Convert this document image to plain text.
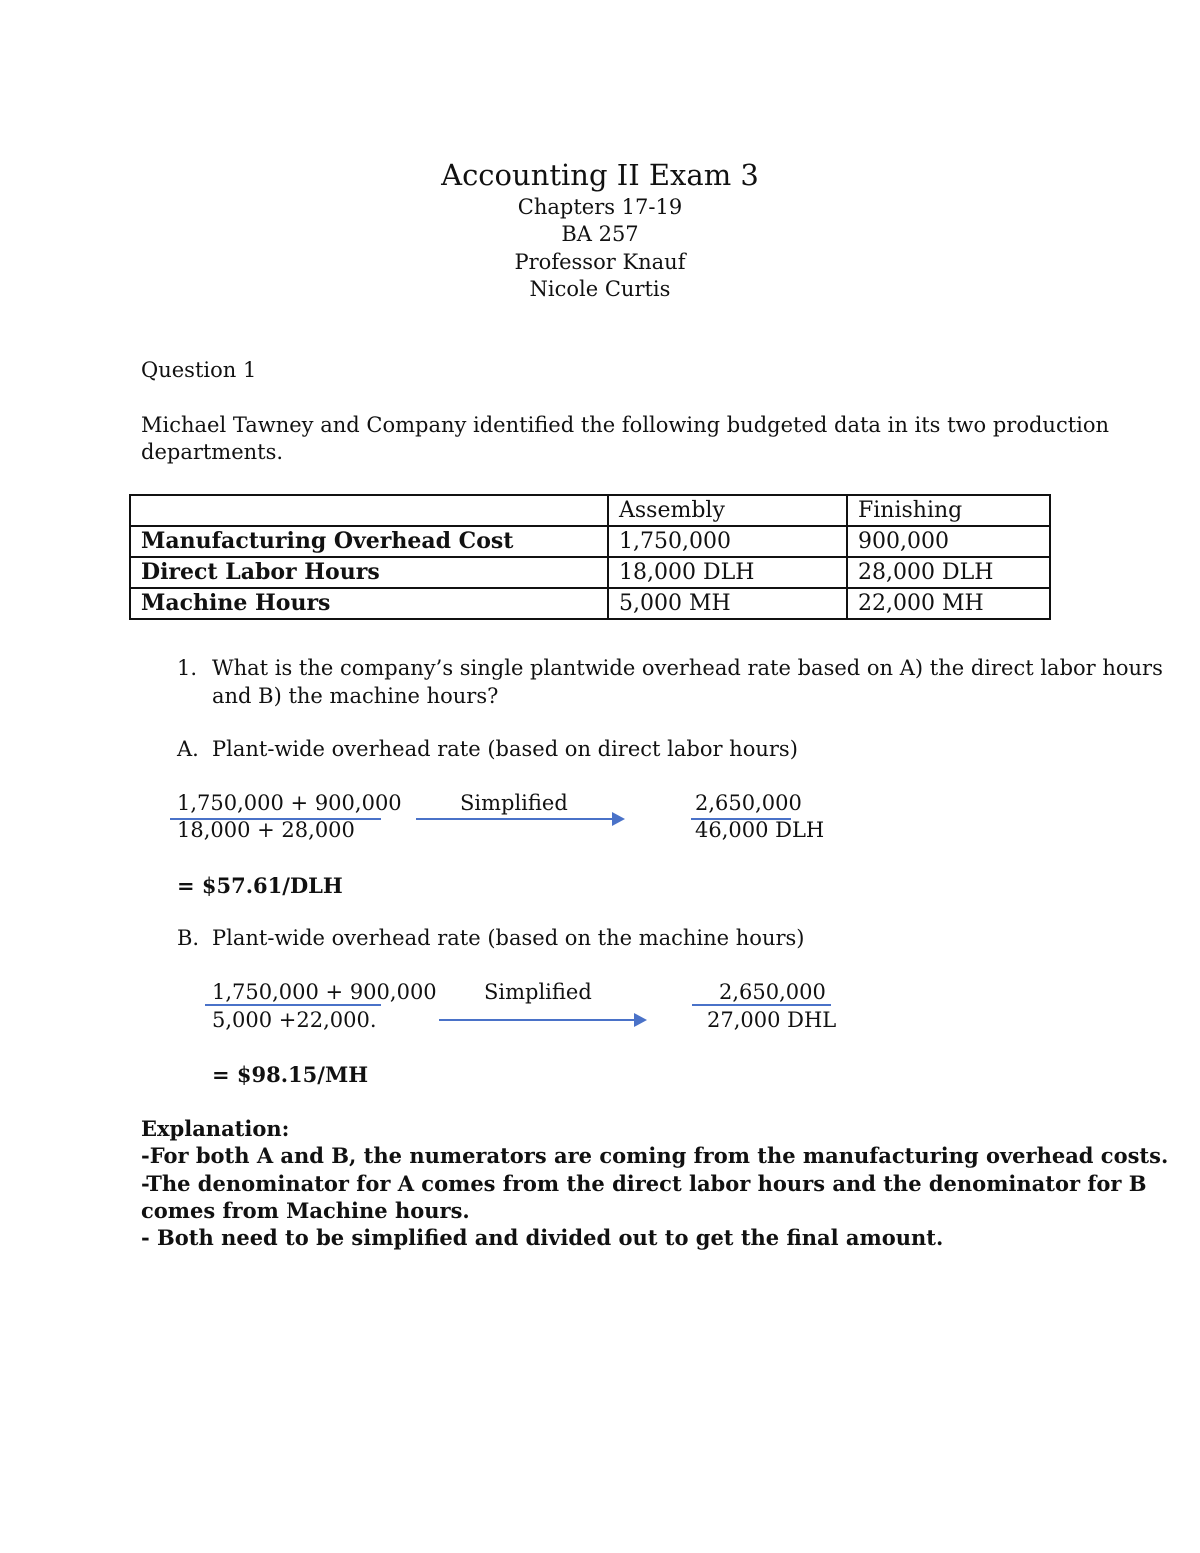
Accounting II Exam 3
Chapters 17-19
BA 257
Professor Knauf
Nicole Curtis
Question 1
Michael Tawney and Company identified the following budgeted data in its two production
departments.
	Assembly	Finishing
Manufacturing Overhead Cost	1,750,000	900,000
Direct Labor Hours	18,000 DLH	28,000 DLH
Machine Hours	5,000 MH	22,000 MH
1. What is the company’s single plantwide overhead rate based on A) the direct labor hours
and B) the machine hours?
A. Plant-wide overhead rate (based on direct labor hours)
1,750,000 + 900,000
18,000 + 28,000
Simplified	2,650,000
46,000 DLH
= $57.61/DLH
B. Plant-wide overhead rate (based on the machine hours)
1,750,000 + 900,000
5,000 +22,000.
Simplified	2,650,000
27,000 DHL
= $98.15/MH
Explanation:
-For both A and B, the numerators are coming from the manufacturing overhead costs.
-The denominator for A comes from the direct labor hours and the denominator for B
comes from Machine hours.
- Both need to be simplified and divided out to get the final amount.
